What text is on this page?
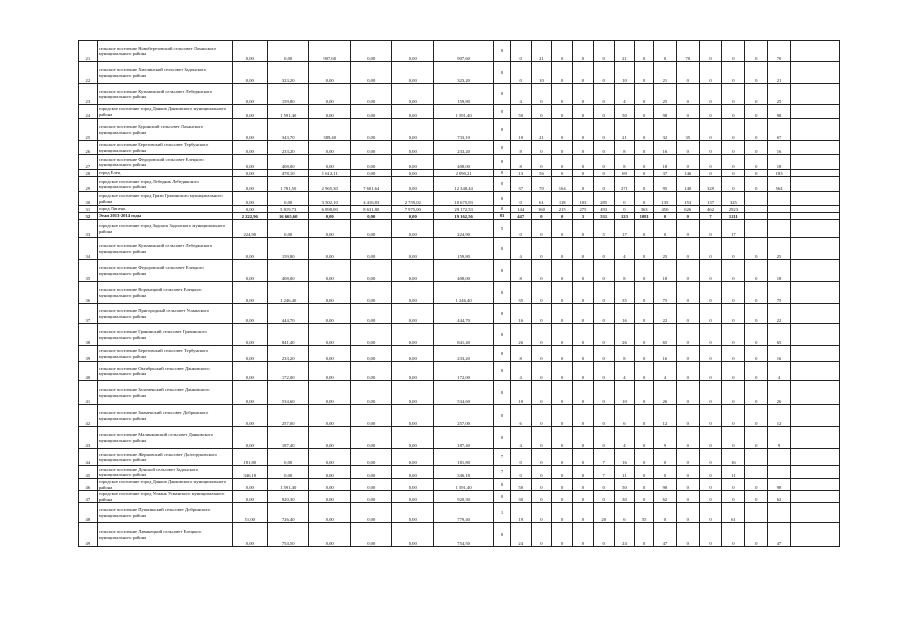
21	сельское поселение Новоберезовский сельсовет Лаханского муниципального района	0,00	0,00	907,60	0,00	0,00	907,60	0	0	21	0	0	0	21	0	0	70	0	0	0	70	
22	сельское поселение Хмелинский сельсовет Задонского муниципального района	0,00	323,20	0,00	0,00	0,00	323,20	0	0	10	0	0	0	10	0	21	0	0	0	0	21	
23	сельское поселение Кузьминский сельсовет Лебедянского муниципального района	0,00	159,80	0,00	0,00	0,00	159,80	0	4	0	0	0	0	4	0	25	0	0	0	0	25	
24	городское поселение город Данков Данковского муниципального района	0,00	1 591,40	0,00	0,00	0,00	1 591,40	0	50	0	0	0	0	50	0	98	0	0	0	0	98	
25	сельское поселение Буринский сельсовет Лаханского муниципального района	0,00	343,70	389,40	0,00	0,00	733,10	0	10	21	0	0	0	21	0	32	35	0	0	0	67	
26	сельское поселение Березовский сельсовет Тербунского муниципального района	0,00	233,20	0,00	0,00	0,00	233,20	0	8	0	0	0	0	8	0	16	0	0	0	0	16	
27	сельское поселение Федоровский сельсовет Елецкого муниципального района	0,00	408,00	0,00	0,00	0,00	408,00	0	8	0	0	0	0	8	0	18	0	0	0	0	18	
28	город Елец	0,00	478,10	1 612,11	0,00	0,00	2 090,21	0	13	56	0	0	0	69	0	37	146	0	0	0	183	
29	городское поселение город Лебедянь Лебедянского муниципального района	0,00	1 781,50	2 965,30	7 601,64	0,00	12 348,44	0	37	70	164	0	0	271	0	95	140	329	0	0	564	
30	городское поселение город Грязи Грязинского муниципального района	0,00	0,00	3 502,10	4 416,83	2 759,02	10 675,93	0	0	61	118	103	285	0	0	135	153	137	325			
31	город Липецк	0,00	5 819,73	6 898,00	8 631,80	7 975,00	29 172,53	0	144	160	215	275	493	0	363	450	626	462	2923			
32	Этап 2013-2014 годы	2 222,96	16 665,60	0,00	0,00	0,00	19 162,56	81	447	0	0	3	531	123	1081	0	0	7	1211			
33	городское поселение город Задонск Задонского муниципального района	224,90	0,00	0,00	0,00	0,00	224,90	5	0	0	0	0	5	17	0	0	0	0	17			
34	сельское поселение Кузьминский сельсовет Лебедянского муниципального района	0,00	159,80	0,00	0,00	0,00	159,80	0	4	0	0	0	0	4	0	25	0	0	0	0	25	
35	сельское поселение Федоровский сельсовет Елецкого муниципального района	0,00	408,00	0,00	0,00	0,00	408,00	0	8	0	0	0	0	8	0	18	0	0	0	0	18	
36	сельское поселение Воронецкий сельсовет Елецкого муниципального района	0,00	1 246,40	0,00	0,00	0,00	1 246,40	0	35	0	0	0	0	35	0	75	0	0	0	0	75	
37	сельское поселение Пригородный сельсовет Усманского муниципального района	0,00	444,70	0,00	0,00	0,00	444,70	0	16	0	0	0	0	16	0	22	0	0	0	0	22	
38	сельское поселение Гранинский сельсовет Грязинского муниципального района	0,00	841,40	0,00	0,00	0,00	841,40	0	26	0	0	0	0	26	0	65	0	0	0	0	65	
39	сельское поселение Березовский сельсовет Тербунского муниципального района	0,00	233,20	0,00	0,00	0,00	233,20	0	8	0	0	0	0	8	0	16	0	0	0	0	16	
40	сельское поселение Октябрьский сельсовет Данковского муниципального района	0,00	172,00	0,00	0,00	0,00	172,00	0	4	0	0	0	0	4	0	4	0	0	0	0	4	
41	сельское поселение Заломенский сельсовет Данковского муниципального района	0,00	534,60	0,00	0,00	0,00	534,60	0	10	0	0	0	0	10	0	26	0	0	0	0	26	
42	сельское поселение Знаменский сельсовет Добринского муниципального района	0,00	257,00	0,00	0,00	0,00	257,00	0	6	0	0	0	0	6	0	12	0	0	0	0	12	
43	сельское поселение Малинковский сельсовет Данковского муниципального района	0,00	187,40	0,00	0,00	0,00	187,40	0	4	0	0	0	0	4	0	9	0	0	0	0	9	
44	сельское поселение Жерновский сельсовет Долгоруковского муниципального района	181,80	0,00	0,00	0,00	0,00	181,80	7	0	0	0	0	7	16	0	0	0	0	16			
45	сельское поселение Донской сельсовет Задонского муниципального района	346,18	0,00	0,00	0,00	0,00	346,18	7	0	0	0	0	7	11	0	0	0	0	11			
46	городское поселение город Данков Данковского муниципального района	0,00	1 591,40	0,00	0,00	0,00	1 591,40	0	50	0	0	0	0	50	0	98	0	0	0	0	98	
47	городское поселение город Усмань Усманского муниципального района	0,00	920,30	0,00	0,00	0,00	920,30	0	30	0	0	0	0	30	0	62	0	0	0	0	62	
48	сельское поселение Пушкинский сельсовет Добринского муниципального района	51,00	726,40	0,00	0,00	0,00	779,40	1	19	0	0	0	20	6	55	0	0	0	61			
49	сельское поселение Лавинецкий сельсовет Елецкого муниципального района	0,00	754,50	0,00	0,00	0,00	754,50	0	24	0	0	0	0	24	0	47	0	0	0	0	47	
